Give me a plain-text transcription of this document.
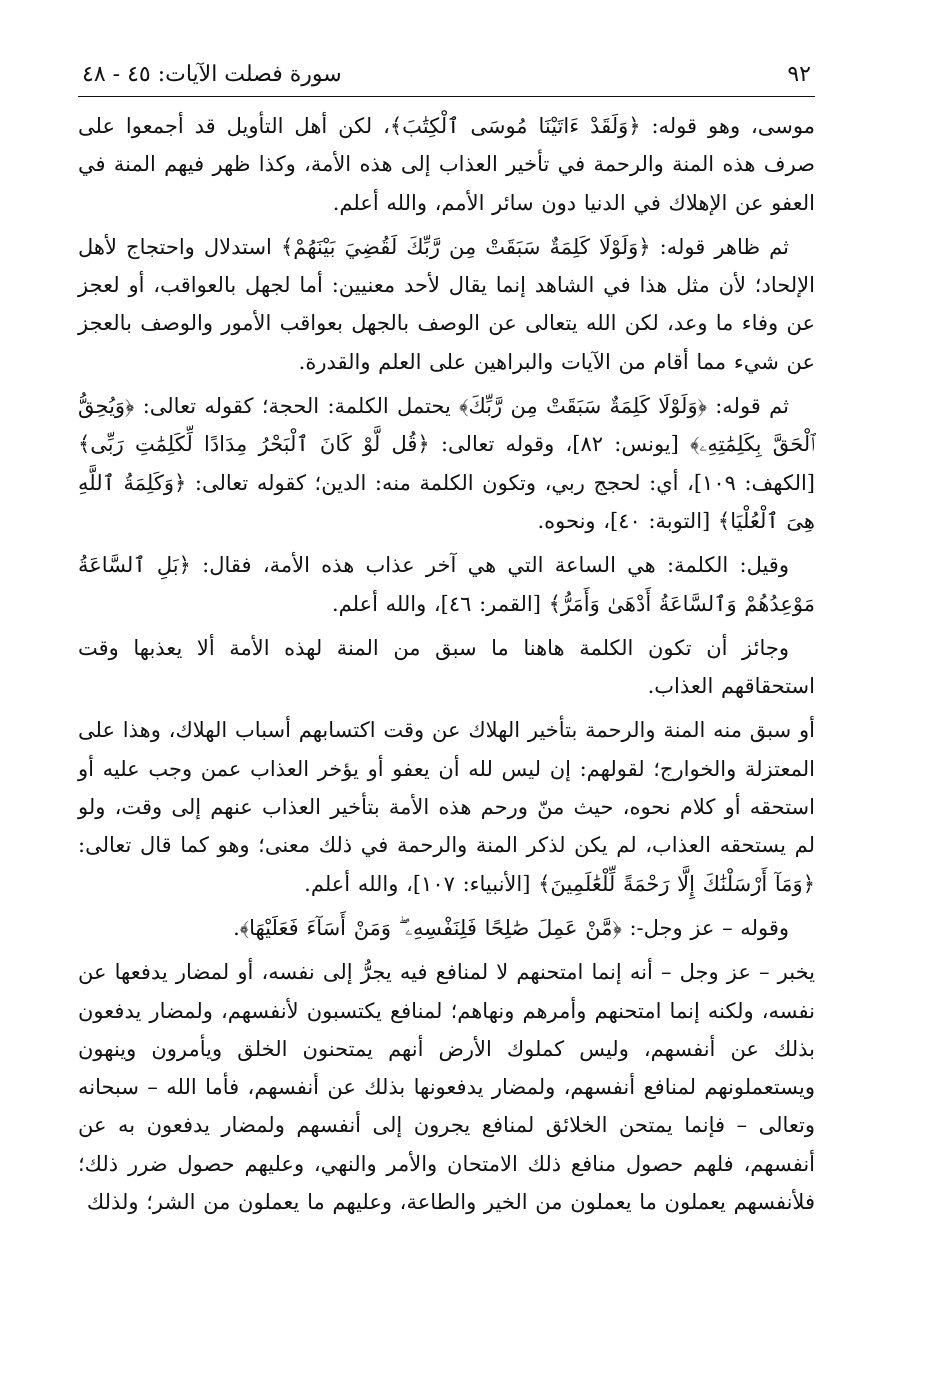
٩٢
سورة فصلت الآيات: ٤٥ - ٤٨

موسى، وهو قوله: ﴿وَلَقَدْ ءَاتَيْنَا مُوسَى ٱلْكِتَٰبَ﴾، لكن أهل التأويل قد أجمعوا على صرف هذه المنة والرحمة في تأخير العذاب إلى هذه الأمة، وكذا ظهر فيهم المنة في العفو عن الإهلاك في الدنيا دون سائر الأمم، والله أعلم.

ثم ظاهر قوله: ﴿وَلَوْلَا كَلِمَةٌ سَبَقَتْ مِن رَّبِّكَ لَقُضِيَ بَيْنَهُمْ﴾ استدلال واحتجاج لأهل الإلحاد؛ لأن مثل هذا في الشاهد إنما يقال لأحد معنيين: أما لجهل بالعواقب، أو لعجز عن وفاء ما وعد، لكن الله يتعالى عن الوصف بالجهل بعواقب الأمور والوصف بالعجز عن شيء مما أقام من الآيات والبراهين على العلم والقدرة.

ثم قوله: ﴿وَلَوْلَا كَلِمَةٌ سَبَقَتْ مِن رَّبِّكَ﴾ يحتمل الكلمة: الحجة؛ كقوله تعالى: ﴿وَيُحِقُّ ٱلْحَقَّ بِكَلِمَٰتِهِۦ﴾ [يونس: ٨٢]، وقوله تعالى: ﴿قُل لَّوْ كَانَ ٱلْبَحْرُ مِدَادًا لِّكَلِمَٰتِ رَبِّى﴾ [الكهف: ١٠٩]، أي: لحجج ربي، وتكون الكلمة منه: الدين؛ كقوله تعالى: ﴿وَكَلِمَةُ ٱللَّهِ هِىَ ٱلْعُلْيَا﴾ [التوبة: ٤٠]، ونحوه.

وقيل: الكلمة: هي الساعة التي هي آخر عذاب هذه الأمة، فقال: ﴿بَلِ ٱلسَّاعَةُ مَوْعِدُهُمْ وَٱلسَّاعَةُ أَدْهَىٰ وَأَمَرُّ﴾ [القمر: ٤٦]، والله أعلم.

وجائز أن تكون الكلمة هاهنا ما سبق من المنة لهذه الأمة ألا يعذبها وقت استحقاقهم العذاب.

أو سبق منه المنة والرحمة بتأخير الهلاك عن وقت اكتسابهم أسباب الهلاك، وهذا على المعتزلة والخوارج؛ لقولهم: إن ليس لله أن يعفو أو يؤخر العذاب عمن وجب عليه أو استحقه أو كلام نحوه، حيث منّ ورحم هذه الأمة بتأخير العذاب عنهم إلى وقت، ولو لم يستحقه العذاب، لم يكن لذكر المنة والرحمة في ذلك معنى؛ وهو كما قال تعالى: ﴿وَمَآ أَرْسَلْنَٰكَ إِلَّا رَحْمَةً لِّلْعَٰلَمِينَ﴾ [الأنبياء: ١٠٧]، والله أعلم.

وقوله – عز وجل-: ﴿مَّنْ عَمِلَ صَٰلِحًا فَلِنَفْسِهِۦ ۖ وَمَنْ أَسَآءَ فَعَلَيْهَا﴾.

يخبر – عز وجل – أنه إنما امتحنهم لا لمنافع فيه يجرُّ إلى نفسه، أو لمضار يدفعها عن نفسه، ولكنه إنما امتحنهم وأمرهم ونهاهم؛ لمنافع يكتسبون لأنفسهم، ولمضار يدفعون بذلك عن أنفسهم، وليس كملوك الأرض أنهم يمتحنون الخلق ويأمرون وينهون ويستعملونهم لمنافع أنفسهم، ولمضار يدفعونها بذلك عن أنفسهم، فأما الله – سبحانه وتعالى – فإنما يمتحن الخلائق لمنافع يجرون إلى أنفسهم ولمضار يدفعون به عن أنفسهم، فلهم حصول منافع ذلك الامتحان والأمر والنهي، وعليهم حصول ضرر ذلك؛ فلأنفسهم يعملون ما يعملون من الخير والطاعة، وعليهم ما يعملون من الشر؛ ولذلك
